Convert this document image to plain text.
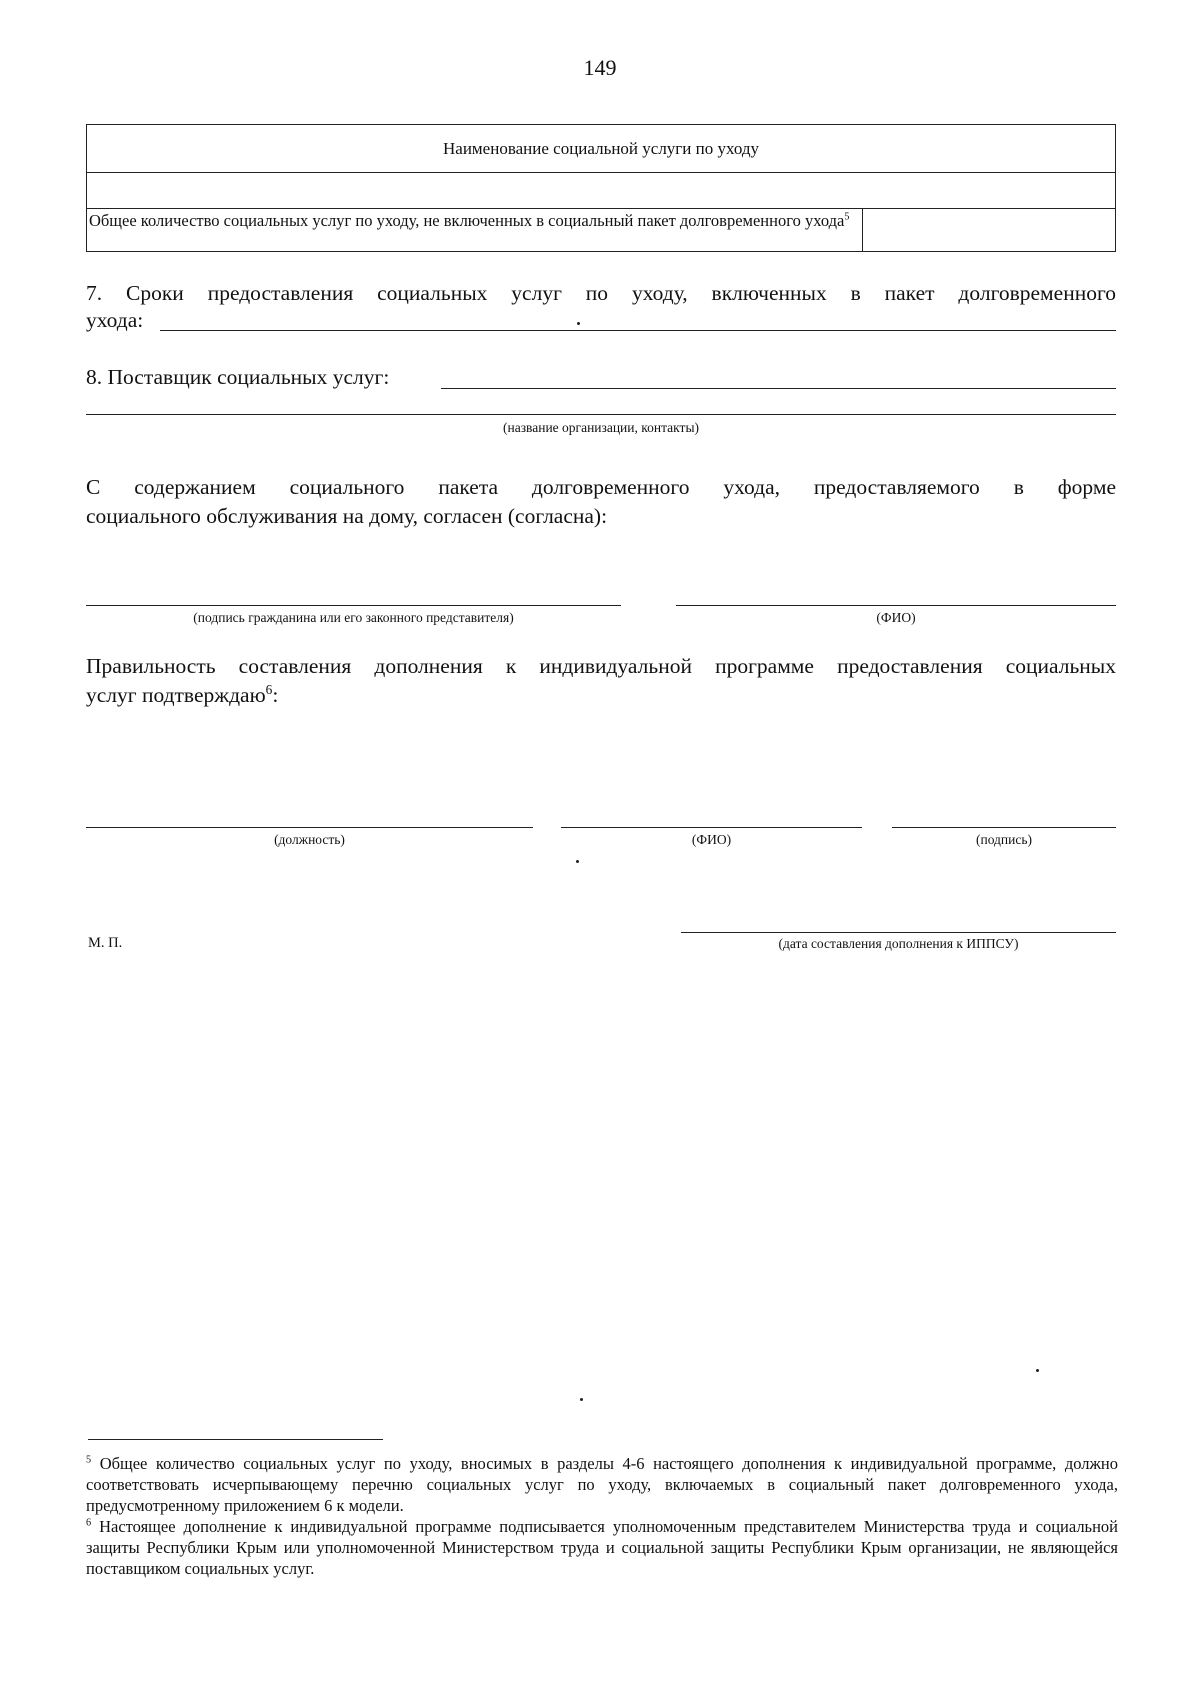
149
Наименование социальной услуги по уходу
Общее количество социальных услуг по уходу, не включенных в социальный пакет долговременного ухода$^5$
7. Сроки предоставления социальных услуг по уходу, включенных в пакет долговременного
ухода:
8. Поставщик социальных услуг:
(название организации, контакты)
С содержанием социального пакета долговременного ухода, предоставляемого в форме
социального обслуживания на дому, согласен (согласна):
(подпись гражданина или его законного представителя)	(ФИО)
Правильность составления дополнения к индивидуальной программе предоставления социальных
услуг подтверждаю$^6$:
(должность)	(ФИО)	(подпись)
М. П.	(дата составления дополнения к ИППСУ)
$^5$ Общее количество социальных услуг по уходу, вносимых в разделы 4-6 настоящего дополнения к индивидуальной программе, должно соответствовать исчерпывающему перечню социальных услуг по уходу, включаемых в социальный пакет долговременного ухода, предусмотренному приложением 6 к модели.
$^6$ Настоящее дополнение к индивидуальной программе подписывается уполномоченным представителем Министерства труда и социальной защиты Республики Крым или уполномоченной Министерством труда и социальной защиты Республики Крым организации, не являющейся поставщиком социальных услуг.
